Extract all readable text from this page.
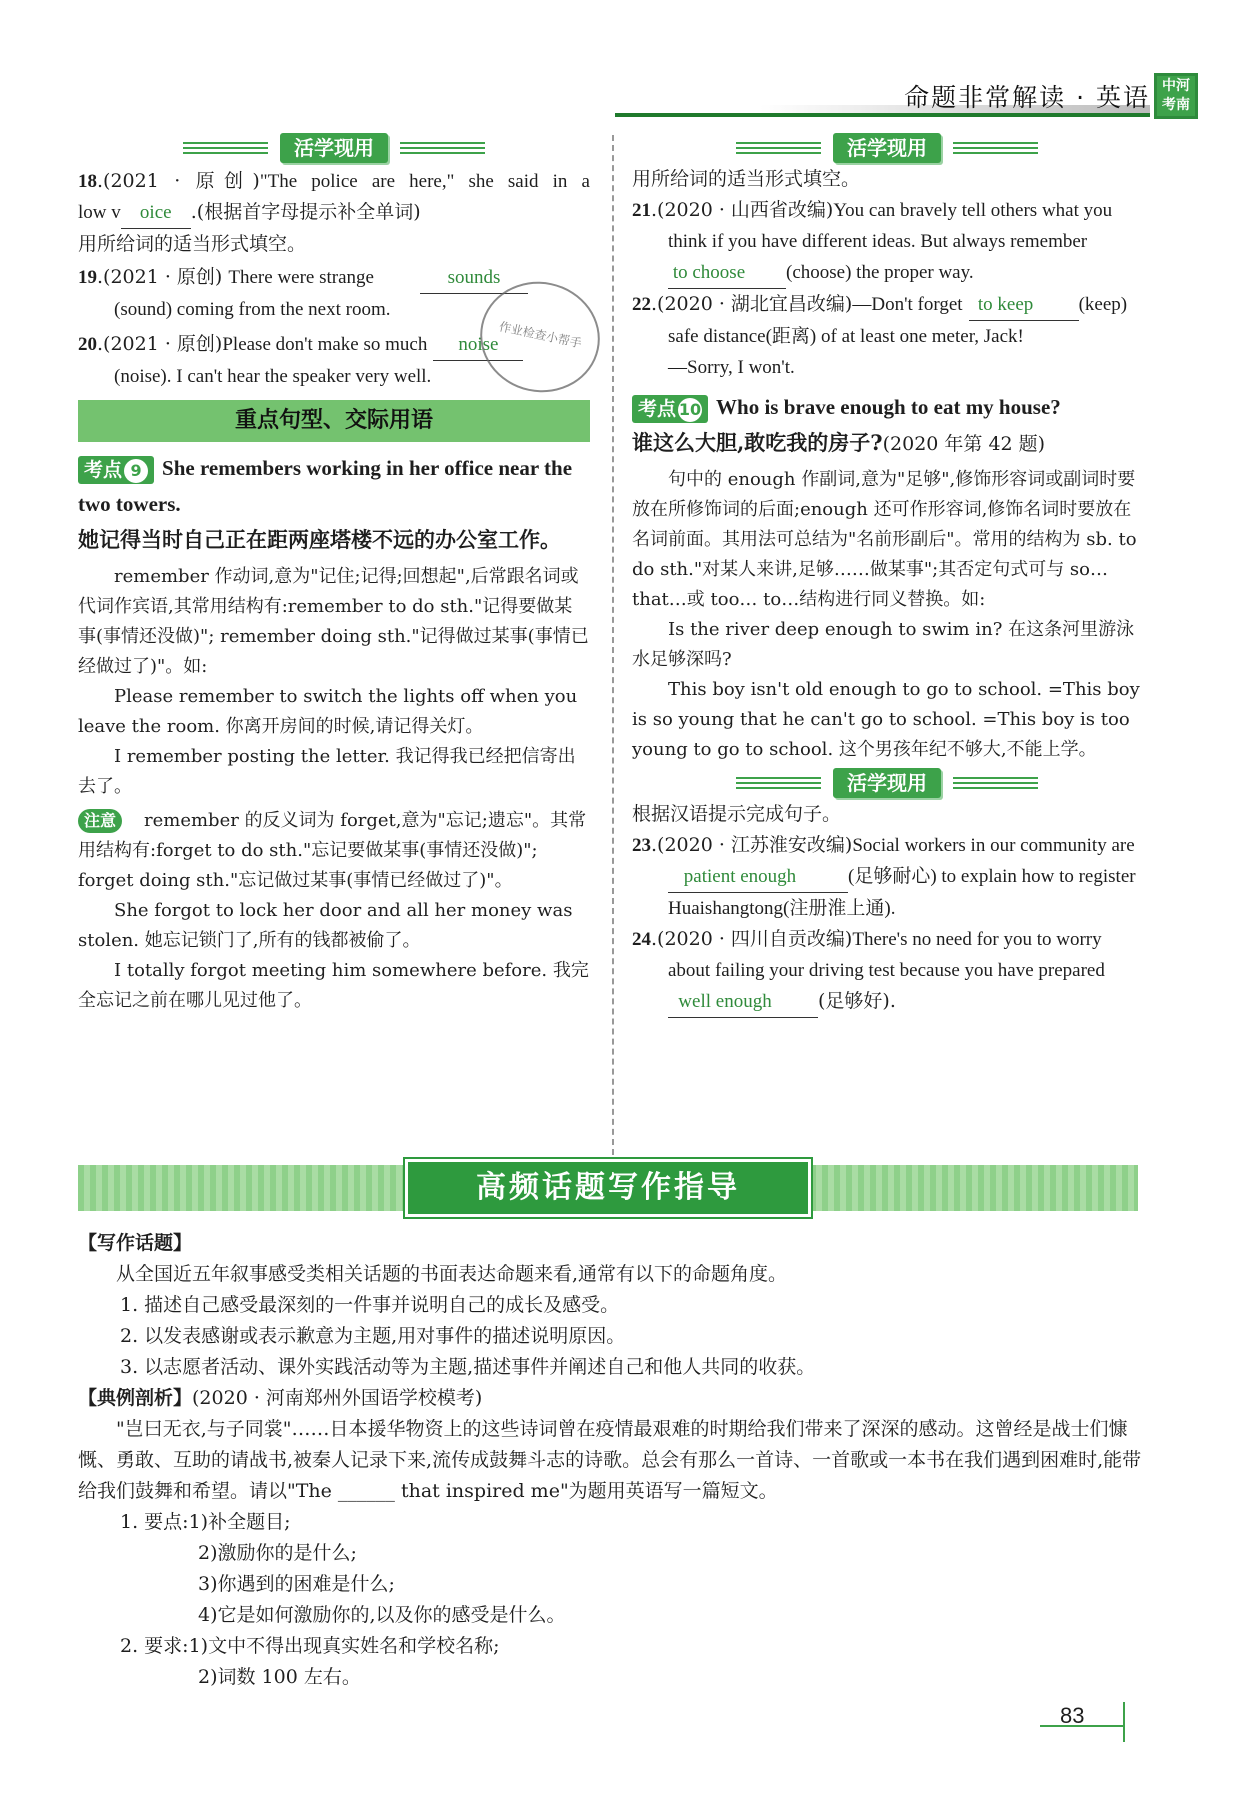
命题非常解读 · 英语 中河考南
活学现用
18.(2021 · 原创)"The police are here," she said in a
low v oice .(根据首字母提示补全单词)
用所给词的适当形式填空。
19.(2021 · 原创) There were strange	sounds
(sound) coming from the next room.
20.(2021 · 原创)Please don't make so much noise
(noise). I can't hear the speaker very well.
重点句型、交际用语
考点 9 She remembers working in her office near the two towers.
她记得当时自己正在距两座塔楼不远的办公室工作。

remember 作动词,意为"记住;记得;回想起",后常跟名词或代词作宾语,其常用结构有:remember to do sth."记得要做某事(事情还没做)"; remember doing sth."记得做过某事(事情已经做过了)"。如:

Please remember to switch the lights off when you leave the room. 你离开房间的时候,请记得关灯。

I remember posting the letter. 我记得我已经把信寄出去了。

注意 remember 的反义词为 forget,意为"忘记;遗忘"。其常用结构有:forget to do sth."忘记要做某事(事情还没做)"; forget doing sth."忘记做过某事(事情已经做过了)"。

She forgot to lock her door and all her money was stolen. 她忘记锁门了,所有的钱都被偷了。

I totally forgot meeting him somewhere before. 我完全忘记之前在哪儿见过他了。

作业检查小帮手
活学现用
用所给词的适当形式填空。
21.(2020 · 山西省改编)You can bravely tell others what you think if you have different ideas. But always remember to choose (choose) the proper way.
22.(2020 · 湖北宜昌改编)—Don't forget to keep (keep) safe distance(距离) of at least one meter, Jack!
—Sorry, I won't.
考点 10 Who is brave enough to eat my house?
谁这么大胆,敢吃我的房子?(2020 年第 42 题)

句中的 enough 作副词,意为"足够",修饰形容词或副词时要放在所修饰词的后面;enough 还可作形容词,修饰名词时要放在名词前面。其用法可总结为"名前形副后"。常用的结构为 sb. to do sth."对某人来讲,足够……做某事";其否定句式可与 so… that…或 too… to…结构进行同义替换。如:

Is the river deep enough to swim in? 在这条河里游泳水足够深吗?

This boy isn't old enough to go to school. =This boy is so young that he can't go to school. =This boy is too young to go to school. 这个男孩年纪不够大,不能上学。

活学现用
根据汉语提示完成句子。
23.(2020 · 江苏淮安改编)Social workers in our community are patient enough	(足够耐心) to explain how to register Huaishangtong(注册淮上通).
24.(2020 · 四川自贡改编)There's no need for you to worry about failing your driving test because you have prepared well enough (足够好).
高频话题写作指导
【写作话题】
从全国近五年叙事感受类相关话题的书面表达命题来看,通常有以下的命题角度。
1. 描述自己感受最深刻的一件事并说明自己的成长及感受。
2. 以发表感谢或表示歉意为主题,用对事件的描述说明原因。
3. 以志愿者活动、课外实践活动等为主题,描述事件并阐述自己和他人共同的收获。
【典例剖析】(2020 · 河南郑州外国语学校模考)
"岂曰无衣,与子同裳"……日本援华物资上的这些诗词曾在疫情最艰难的时期给我们带来了深深的感动。这曾经是战士们慷慨、勇敢、互助的请战书,被秦人记录下来,流传成鼓舞斗志的诗歌。总会有那么一首诗、一首歌或一本书在我们遇到困难时,能带给我们鼓舞和希望。请以"The ______ that inspired me"为题用英语写一篇短文。
1. 要点:1)补全题目;
2)激励你的是什么;
3)你遇到的困难是什么;
4)它是如何激励你的,以及你的感受是什么。
2. 要求:1)文中不得出现真实姓名和学校名称;
2)词数 100 左右。
83
